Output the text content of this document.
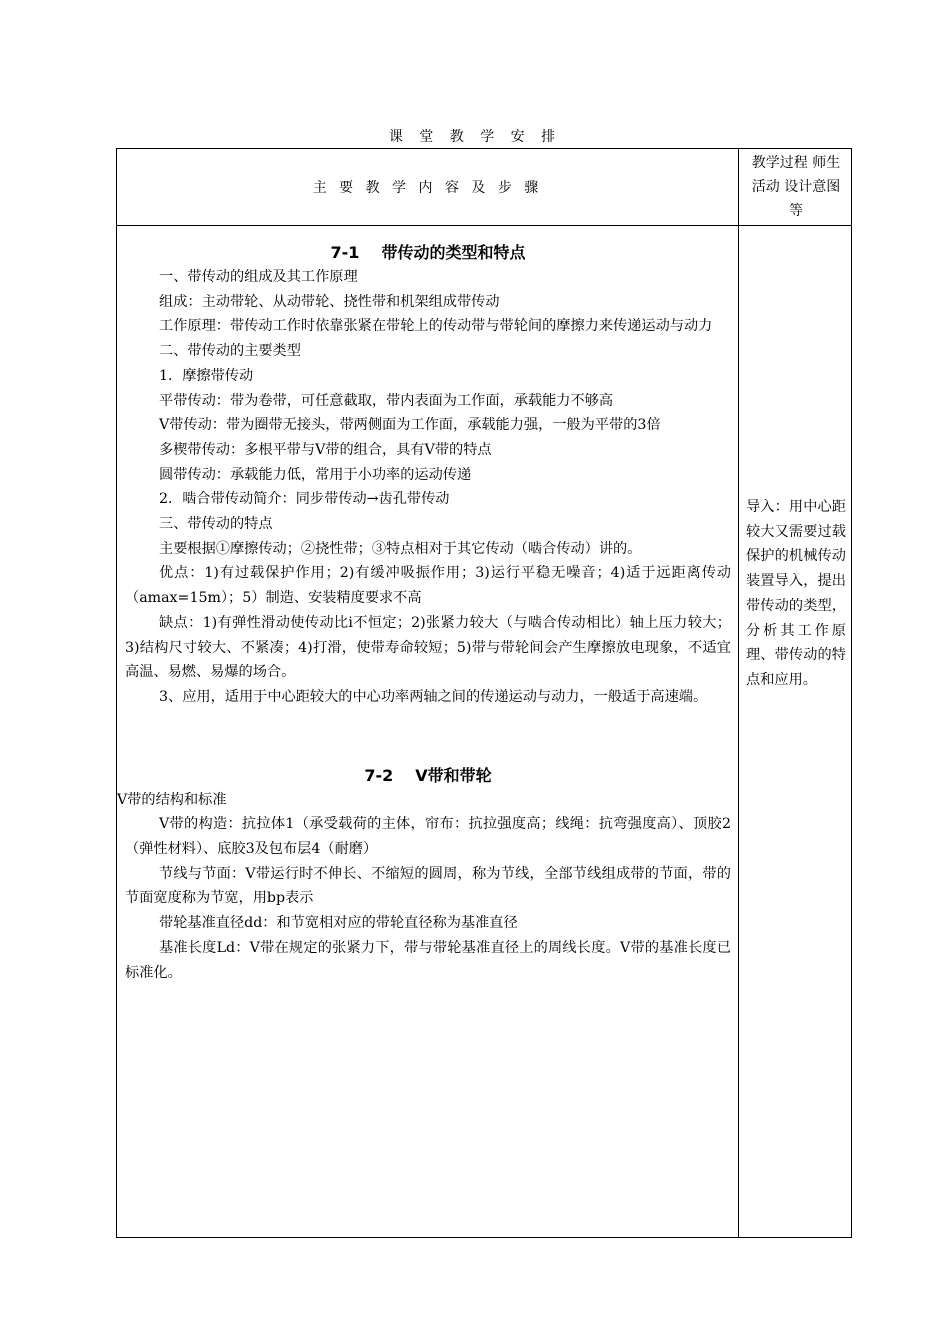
课 堂 教 学 安 排
主 要 教 学 内 容 及 步 骤
教学过程 师生活动 设计意图等

7-1 带传动的类型和特点

一、带传动的组成及其工作原理

组成：主动带轮、从动带轮、挠性带和机架组成带传动

工作原理：带传动工作时依靠张紧在带轮上的传动带与带轮间的摩擦力来传递运动与动力

二、带传动的主要类型

1．摩擦带传动

平带传动：带为卷带，可任意截取，带内表面为工作面，承载能力不够高

V带传动：带为圈带无接头，带两侧面为工作面，承载能力强，一般为平带的3倍

多楔带传动：多根平带与V带的组合，具有V带的特点

圆带传动：承载能力低，常用于小功率的运动传递

2．啮合带传动简介：同步带传动→齿孔带传动

三、带传动的特点

主要根据①摩擦传动；②挠性带；③特点相对于其它传动（啮合传动）讲的。

优点：1)有过载保护作用；2)有缓冲吸振作用；3)运行平稳无噪音；4)适于远距离传动（amax=15m）；5）制造、安装精度要求不高

缺点：1)有弹性滑动使传动比i不恒定；2)张紧力较大（与啮合传动相比）轴上压力较大；3)结构尺寸较大、不紧凑；4)打滑，使带寿命较短；5)带与带轮间会产生摩擦放电现象，不适宜高温、易燃、易爆的场合。

3、应用，适用于中心距较大的中心功率两轴之间的传递运动与动力，一般适于高速端。

7-2 V带和带轮

V带的结构和标准

V带的构造：抗拉体1（承受载荷的主体，帘布：抗拉强度高；线绳：抗弯强度高）、顶胶2（弹性材料）、底胶3及包布层4（耐磨）

节线与节面：V带运行时不伸长、不缩短的圆周，称为节线，全部节线组成带的节面，带的节面宽度称为节宽，用bp表示

带轮基准直径dd：和节宽相对应的带轮直径称为基准直径

基准长度Ld：V带在规定的张紧力下，带与带轮基准直径上的周线长度。V带的基准长度已标准化。

导入：用中心距较大又需要过载保护的机械传动装置导入，提出带传动的类型，分析其工作原理、带传动的特点和应用。
